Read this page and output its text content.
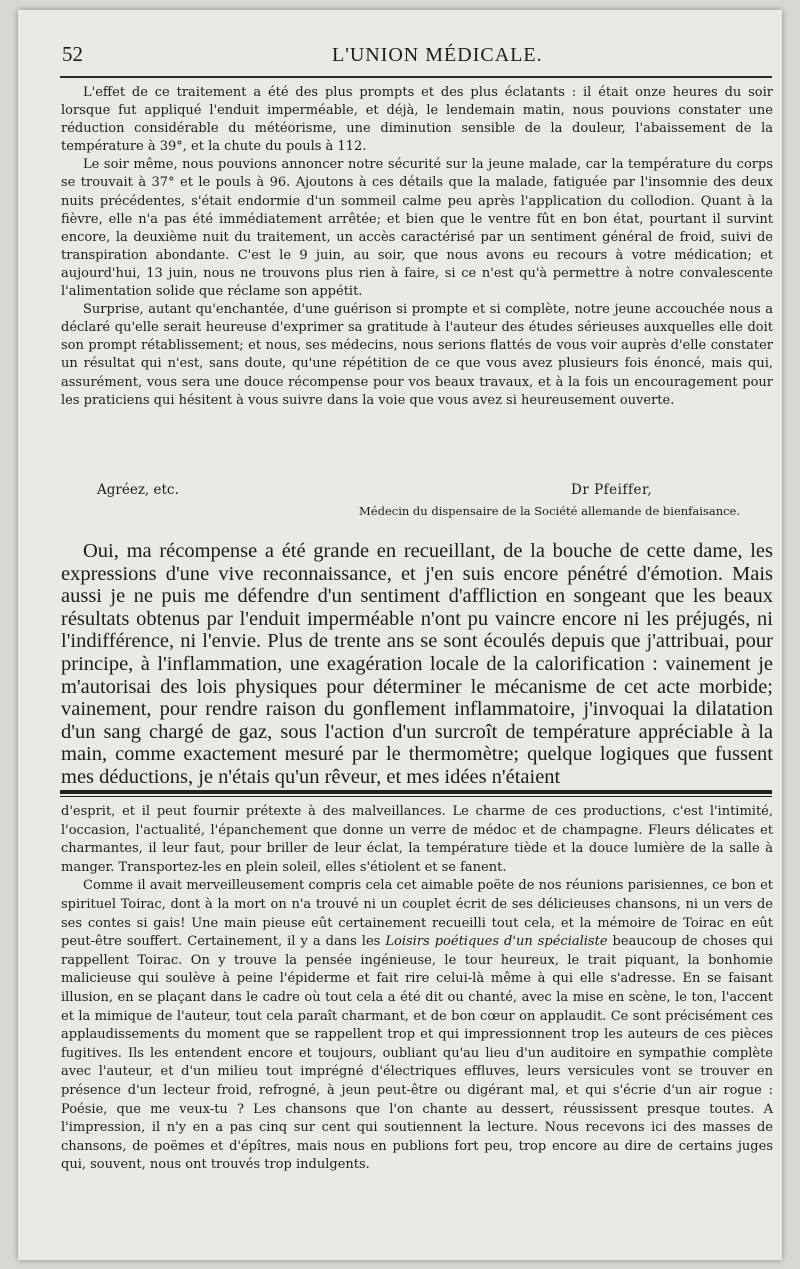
52	L'UNION MÉDICALE.

L'effet de ce traitement a été des plus prompts et des plus éclatants : il était onze heures du soir lorsque fut appliqué l'enduit imperméable, et déjà, le lendemain matin, nous pouvions constater une réduction considérable du météorisme, une diminution sensible de la douleur, l'abaissement de la température à 39°, et la chute du pouls à 112.

Le soir même, nous pouvions annoncer notre sécurité sur la jeune malade, car la température du corps se trouvait à 37° et le pouls à 96. Ajoutons à ces détails que la malade, fatiguée par l'insomnie des deux nuits précédentes, s'était endormie d'un sommeil calme peu après l'application du collodion. Quant à la fièvre, elle n'a pas été immédiatement arrêtée; et bien que le ventre fût en bon état, pourtant il survint encore, la deuxième nuit du traitement, un accès caractérisé par un sentiment général de froid, suivi de transpiration abondante. C'est le 9 juin, au soir, que nous avons eu recours à votre médication; et aujourd'hui, 13 juin, nous ne trouvons plus rien à faire, si ce n'est qu'à permettre à notre convalescente l'alimentation solide que réclame son appétit.

Surprise, autant qu'enchantée, d'une guérison si prompte et si complète, notre jeune accouchée nous a déclaré qu'elle serait heureuse d'exprimer sa gratitude à l'auteur des études sérieuses auxquelles elle doit son prompt rétablissement; et nous, ses médecins, nous serions flattés de vous voir auprès d'elle constater un résultat qui n'est, sans doute, qu'une répétition de ce que vous avez plusieurs fois énoncé, mais qui, assurément, vous sera une douce récompense pour vos beaux travaux, et à la fois un encouragement pour les praticiens qui hésitent à vous suivre dans la voie que vous avez si heureusement ouverte.

Agréez, etc.	Dr Pfeiffer,
Médecin du dispensaire de la Société allemande de bienfaisance.

Oui, ma récompense a été grande en recueillant, de la bouche de cette dame, les expressions d'une vive reconnaissance, et j'en suis encore pénétré d'émotion. Mais aussi je ne puis me défendre d'un sentiment d'affliction en songeant que les beaux résultats obtenus par l'enduit imperméable n'ont pu vaincre encore ni les préjugés, ni l'indifférence, ni l'envie. Plus de trente ans se sont écoulés depuis que j'attribuai, pour principe, à l'inflammation, une exagération locale de la calorification : vainement je m'autorisai des lois physiques pour déterminer le mécanisme de cet acte morbide; vainement, pour rendre raison du gonflement inflammatoire, j'invoquai la dilatation d'un sang chargé de gaz, sous l'action d'un surcroît de température appréciable à la main, comme exactement mesuré par le thermomètre; quelque logiques que fussent mes déductions, je n'étais qu'un rêveur, et mes idées n'étaient

d'esprit, et il peut fournir prétexte à des malveillances. Le charme de ces productions, c'est l'intimité, l'occasion, l'actualité, l'épanchement que donne un verre de médoc et de champagne. Fleurs délicates et charmantes, il leur faut, pour briller de leur éclat, la température tiède et la douce lumière de la salle à manger. Transportez-les en plein soleil, elles s'étiolent et se fanent.

Comme il avait merveilleusement compris cela cet aimable poëte de nos réunions parisiennes, ce bon et spirituel Toirac, dont à la mort on n'a trouvé ni un couplet écrit de ses délicieuses chansons, ni un vers de ses contes si gais! Une main pieuse eût certainement recueilli tout cela, et la mémoire de Toirac en eût peut-être souffert. Certainement, il y a dans les Loisirs poétiques d'un spécialiste beaucoup de choses qui rappellent Toirac. On y trouve la pensée ingénieuse, le tour heureux, le trait piquant, la bonhomie malicieuse qui soulève à peine l'épiderme et fait rire celui-là même à qui elle s'adresse. En se faisant illusion, en se plaçant dans le cadre où tout cela a été dit ou chanté, avec la mise en scène, le ton, l'accent et la mimique de l'auteur, tout cela paraît charmant, et de bon cœur on applaudit. Ce sont précisément ces applaudissements du moment que se rappellent trop et qui impressionnent trop les auteurs de ces pièces fugitives. Ils les entendent encore et toujours, oubliant qu'au lieu d'un auditoire en sympathie complète avec l'auteur, et d'un milieu tout imprégné d'électriques effluves, leurs versicules vont se trouver en présence d'un lecteur froid, refrogné, à jeun peut-être ou digérant mal, et qui s'écrie d'un air rogue : Poésie, que me veux-tu ? Les chansons que l'on chante au dessert, réussissent presque toutes. A l'impression, il n'y en a pas cinq sur cent qui soutiennent la lecture. Nous recevons ici des masses de chansons, de poëmes et d'épîtres, mais nous en publions fort peu, trop encore au dire de certains juges qui, souvent, nous ont trouvés trop indulgents.
